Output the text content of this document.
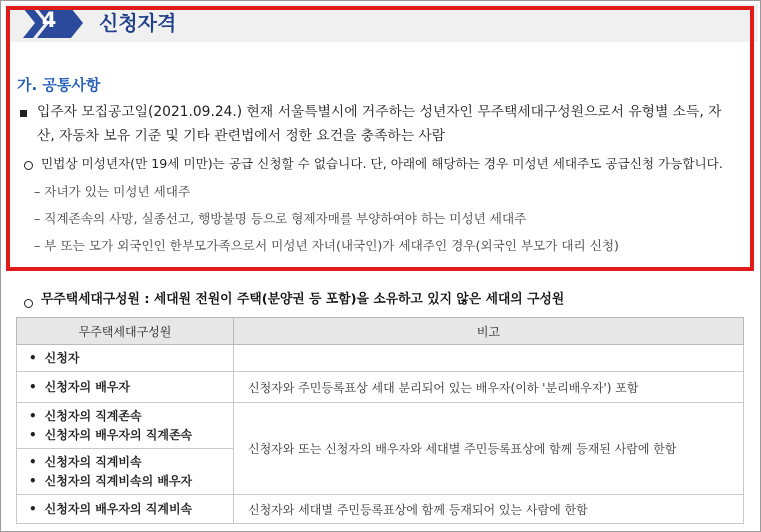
4 신청자격
가. 공통사항
입주자 모집공고일(2021.09.24.) 현재 서울특별시에 거주하는 성년자인 무주택세대구성원으로서 유형별 소득, 자
산, 자동차 보유 기준 및 기타 관련법에서 정한 요건을 충족하는 사람
민법상 미성년자(만 19세 미만)는 공급 신청할 수 없습니다. 단, 아래에 해당하는 경우 미성년 세대주도 공급신청 가능합니다.
– 자녀가 있는 미성년 세대주
– 직계존속의 사망, 실종선고, 행방불명 등으로 형제자매를 부양하여야 하는 미성년 세대주
– 부 또는 모가 외국인인 한부모가족으로서 미성년 자녀(내국인)가 세대주인 경우(외국인 부모가 대리 신청)
무주택세대구성원 : 세대원 전원이 주택(분양권 등 포함)을 소유하고 있지 않은 세대의 구성원
무주택세대구성원	비고

• 신청자

• 신청자의 배우자	신청자와 주민등록표상 세대 분리되어 있는 배우자(이하 '분리배우자') 포함

• 신청자의 직계존속
• 신청자의 배우자의 직계존속	신청자와 또는 신청자의 배우자와 세대별 주민등록표상에 함께 등재된 사람에 한함

• 신청자의 직계비속
• 신청자의 직계비속의 배우자

• 신청자의 배우자의 직계비속	신청자와 세대별 주민등록표상에 함께 등재되어 있는 사람에 한함
